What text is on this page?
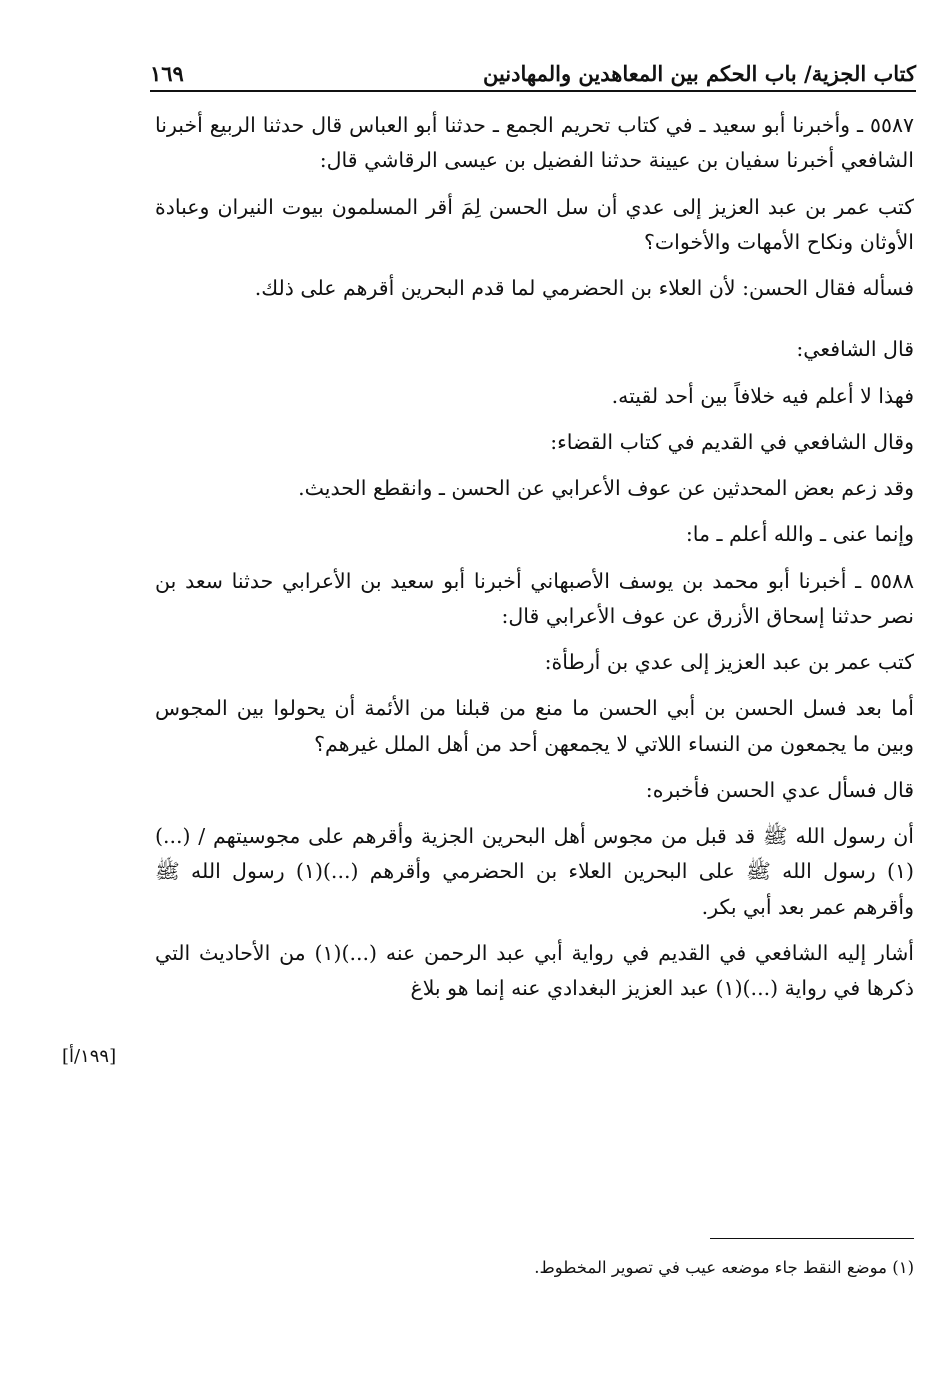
كتاب الجزية/ باب الحكم بين المعاهدين والمهادنين
١٦٩

٥٥٨٧ ـ وأخبرنا أبو سعيد ـ في كتاب تحريم الجمع ـ حدثنا أبو العباس قال حدثنا الربيع أخبرنا الشافعي أخبرنا سفيان بن عيينة حدثنا الفضيل بن عيسى الرقاشي قال:

كتب عمر بن عبد العزيز إلى عدي أن سل الحسن لِمَ أقر المسلمون بيوت النيران وعبادة الأوثان ونكاح الأمهات والأخوات؟

فسأله فقال الحسن: لأن العلاء بن الحضرمي لما قدم البحرين أقرهم على ذلك.

قال الشافعي:

فهذا لا أعلم فيه خلافاً بين أحد لقيته.

وقال الشافعي في القديم في كتاب القضاء:

وقد زعم بعض المحدثين عن عوف الأعرابي عن الحسن ـ وانقطع الحديث.

وإنما عنى ـ والله أعلم ـ ما:

٥٥٨٨ ـ أخبرنا أبو محمد بن يوسف الأصبهاني أخبرنا أبو سعيد بن الأعرابي حدثنا سعد بن نصر حدثنا إسحاق الأزرق عن عوف الأعرابي قال:

كتب عمر بن عبد العزيز إلى عدي بن أرطأة:

أما بعد فسل الحسن بن أبي الحسن ما منع من قبلنا من الأئمة أن يحولوا بين المجوس وبين ما يجمعون من النساء اللاتي لا يجمعهن أحد من أهل الملل غيرهم؟

قال فسأل عدي الحسن فأخبره:

أن رسول الله ﷺ قد قبل من مجوس أهل البحرين الجزية وأقرهم على مجوسيتهم / (...)(١) رسول الله ﷺ على البحرين العلاء بن الحضرمي وأقرهم (...)(١) رسول الله ﷺ وأقرهم عمر بعد أبي بكر.

أشار إليه الشافعي في القديم في رواية أبي عبد الرحمن عنه (...)(١) من الأحاديث التي ذكرها في رواية (...)(١) عبد العزيز البغدادي عنه إنما هو بلاغ

[١٩٩/أ]
(١) موضع النقط جاء موضعه عيب في تصوير المخطوط.
